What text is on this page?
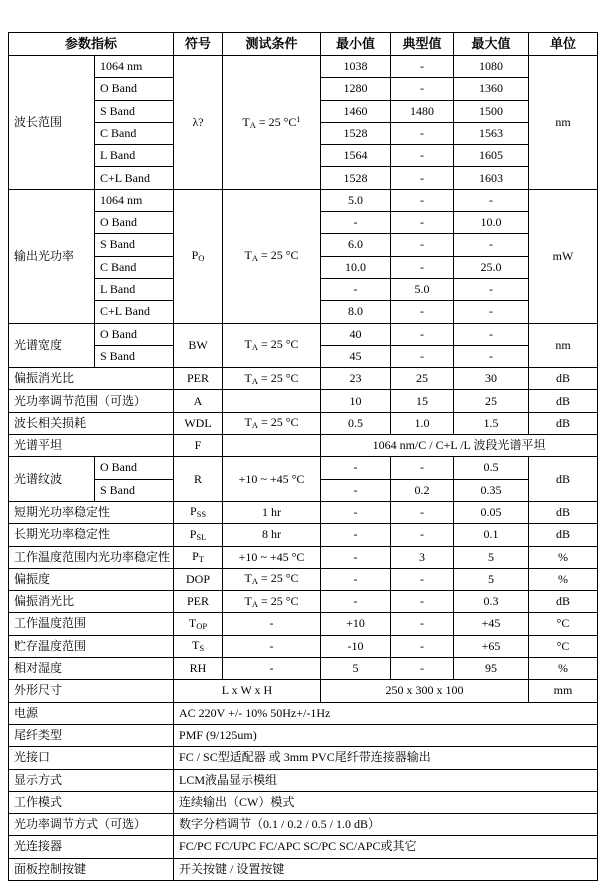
参数指标		符号	测试条件	最小值	典型值	最大值	单位
波长范围	1064 nm	λ?	$T_A = 25$ $^\circ C^1$	1038	-	1080	nm
	O Band			1280	-	1360	
	S Band			1460	1480	1500	
	C Band			1528	-	1563	
	L Band			1564	-	1605	
	C+L Band			1528	-	1603	
输出光功率	1064 nm	$P_O$	$T_A = 25$ °C	5.0	-	-	mW
	O Band			-	-	10.0	
	S Band			6.0	-	-	
	C Band			10.0	-	25.0	
	L Band			-	5.0	-	
	C+L Band			8.0	-	-	
光谱宽度	O Band	BW	$T_A = 25$ °C	40	-	-	nm
	S Band			45	-	-	
偏振消光比		PER	$T_A = 25$ °C	23	25	30	dB
光功率调节范围（可选）		A		10	15	25	dB
波长相关损耗		WDL	$T_A = 25$ °C	0.5	1.0	1.5	dB
光谱平坦		F		1064 nm/C / C+L /L 波段光谱平坦			
光谱纹波	O Band	R	+10 ~ +45 °C	-	-	0.5	dB
	S Band			-	0.2	0.35	
短期光功率稳定性		$P_{SS}$	1 hr	-	-	0.05	dB
长期光功率稳定性		$P_{SL}$	8 hr	-	-	0.1	dB
工作温度范围内光功率稳定性		$P_T$	+10 ~ +45 °C	-	3	5	%
偏振度		DOP	$T_A = 25$ °C	-	-	5	%
偏振消光比		PER	$T_A = 25$ °C	-	-	0.3	dB
工作温度范围		$T_{OP}$	-	+10	-	+45	°C
贮存温度范围		$T_S$	-	-10	-	+65	°C
相对湿度		RH	-	5	-	95	%
外形尺寸		L x W x H		250 x 300 x 100			mm
电源		AC 220V +/- 10% 50Hz+/-1Hz					
尾纤类型		PMF (9/125um)					
光接口		FC / SC型适配器 或 3mm PVC尾纤带连接器输出					
显示方式		LCM液晶显示模组					
工作模式		连续输出（CW）模式					
光功率调节方式（可选）		数字分档调节（0.1 / 0.2 / 0.5 / 1.0 dB）					
光连接器		FC/PC FC/UPC FC/APC SC/PC SC/APC或其它					
面板控制按键		开关按键 / 设置按键					
